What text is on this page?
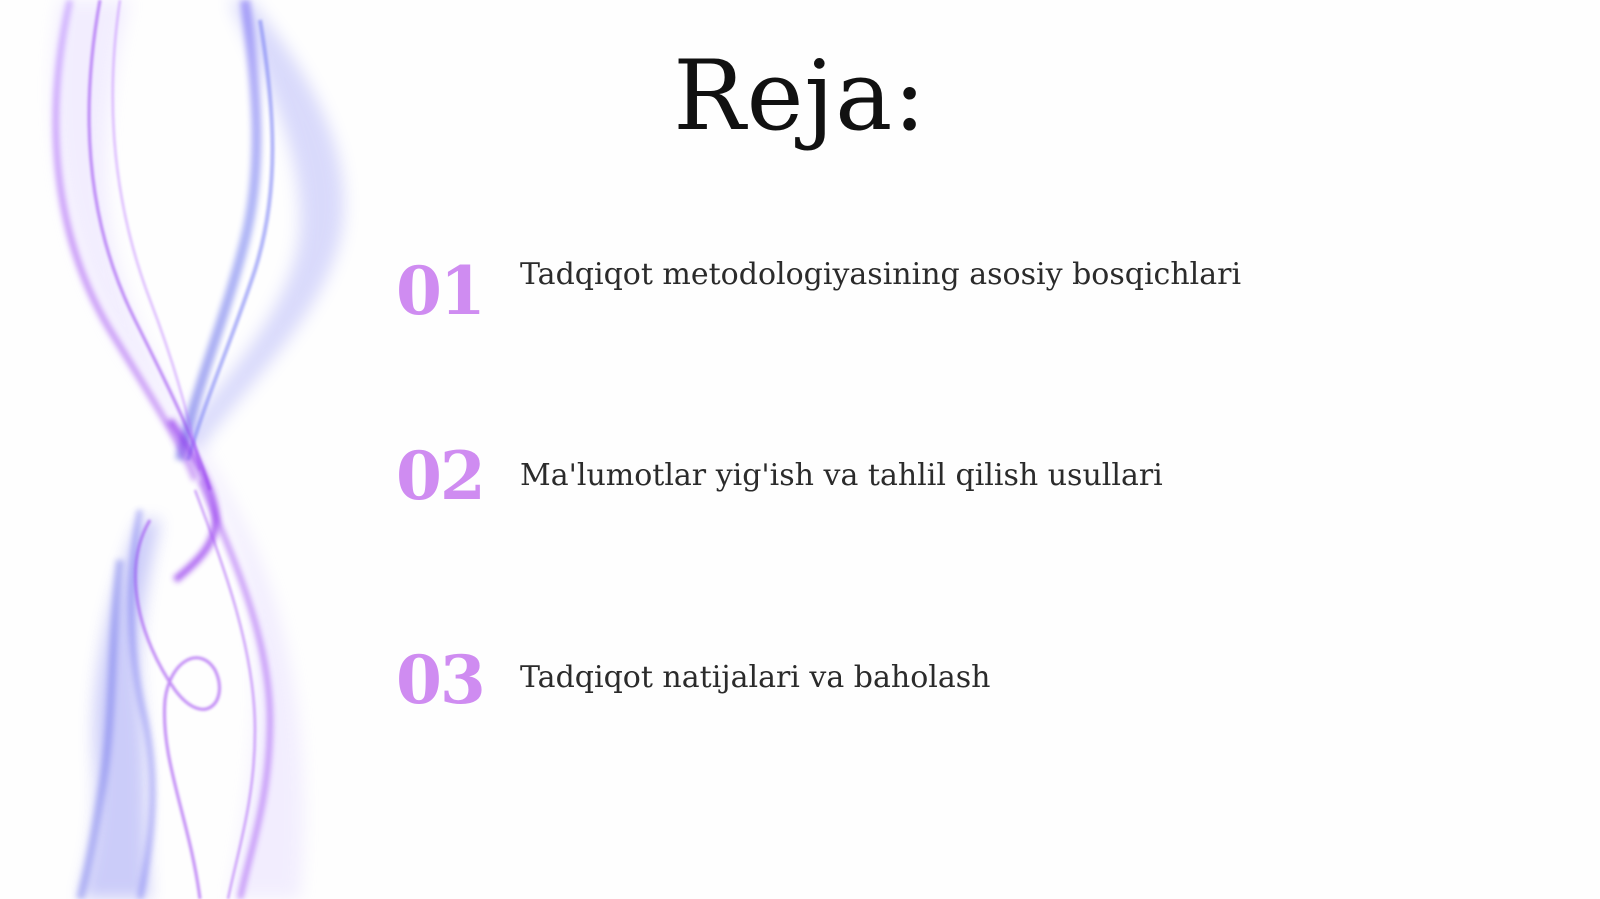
Reja:
01 Tadqiqot metodologiyasining asosiy bosqichlari
02 Ma'lumotlar yig'ish va tahlil qilish usullari
03 Tadqiqot natijalari va baholash
